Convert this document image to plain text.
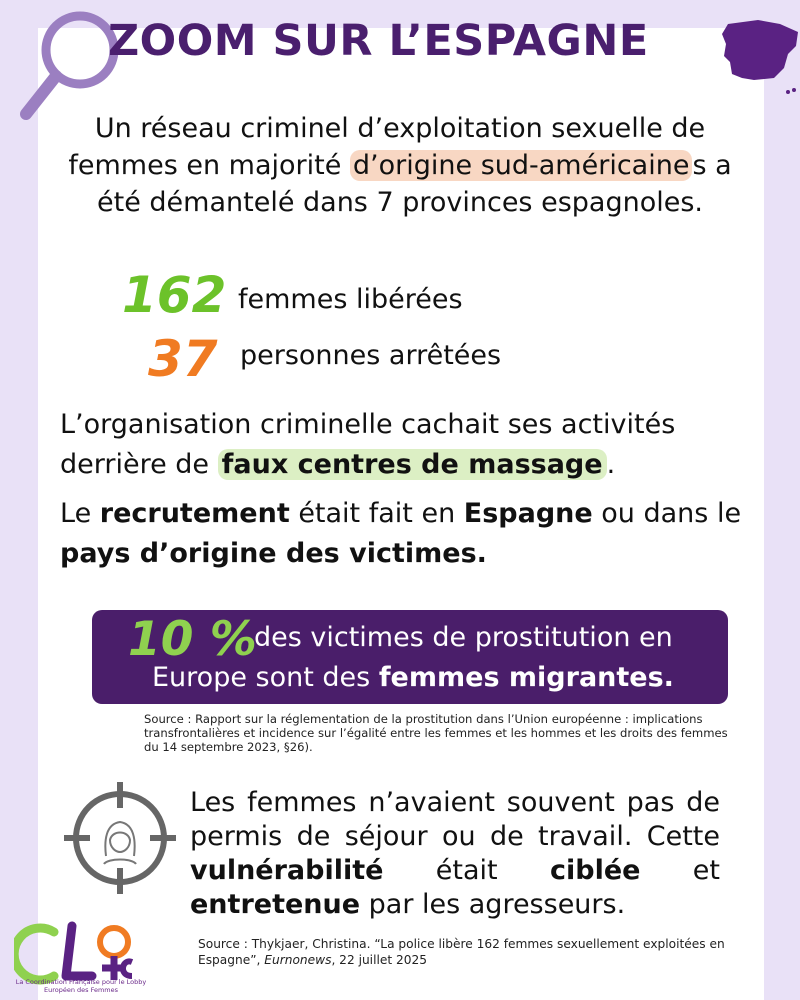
ZOOM SUR L’ESPAGNE
Un réseau criminel d’exploitation sexuelle de femmes en majorité d’origine sud-américaine s a été démantelé dans 7 provinces espagnoles.
162 femmes libérées
37 personnes arrêtées
L’organisation criminelle cachait ses activités derrière de faux centres de massage .
Le recrutement était fait en Espagne ou dans le pays d’origine des victimes.
10 %
des victimes de prostitution en
Europe sont des femmes migrantes.
Source : Rapport sur la réglementation de la prostitution dans l’Union européenne : implications transfrontalières et incidence sur l’égalité entre les femmes et les hommes et les droits des femmes du 14 septembre 2023, §26).
Les femmes n’avaient souvent pas de permis de séjour ou de travail. Cette vulnérabilité était ciblée et entretenue par les agresseurs.
La Coordination Française pour le Lobby Européen des Femmes
Source : Thykjaer, Christina. “La police libère 162 femmes sexuellement exploitées en Espagne”, Eurnonews, 22 juillet 2025
